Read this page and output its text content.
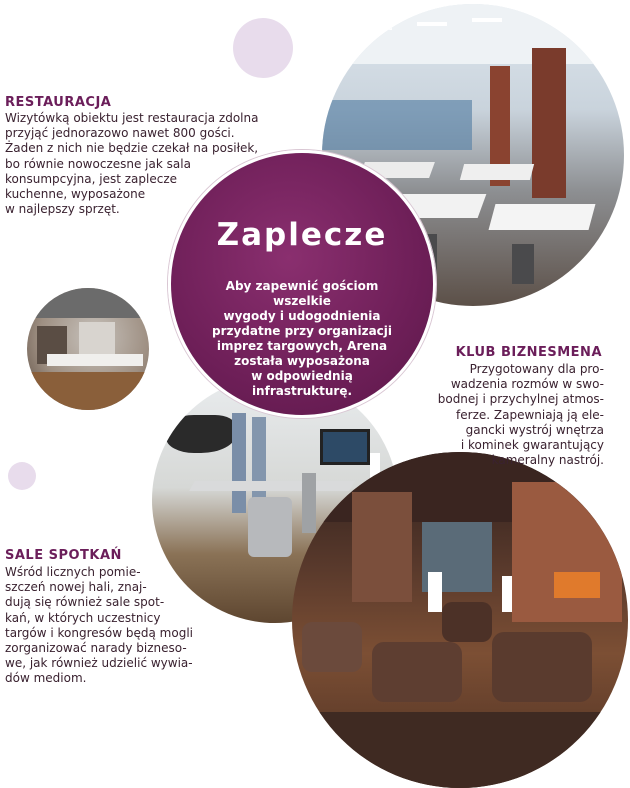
Zaplecze
Aby zapewnić gościom wszelkie
wygody i udogodnienia
przydatne przy organizacji
imprez targowych, Arena
została wyposażona
w odpowiednią
infrastrukturę.
RESTAURACJA
Wizytówką obiektu jest restauracja zdolna
przyjąć jednorazowo nawet 800 gości.
Żaden z nich nie będzie czekał na posiłek,
bo równie nowoczesne jak sala
konsumpcyjna, jest zaplecze
kuchenne, wyposażone
w najlepszy sprzęt.
KLUB BIZNESMENA
Przygotowany dla pro-
wadzenia rozmów w swo-
bodnej i przychylnej atmos-
ferze. Zapewniają ją ele-
gancki wystrój wnętrza
i kominek gwarantujący
kameralny nastrój.
SALE SPOTKAŃ
Wśród licznych pomie-
szczeń nowej hali, znaj-
dują się również sale spot-
kań, w których uczestnicy
targów i kongresów będą mogli
zorganizować narady bizneso-
we, jak również udzielić wywia-
dów mediom.
